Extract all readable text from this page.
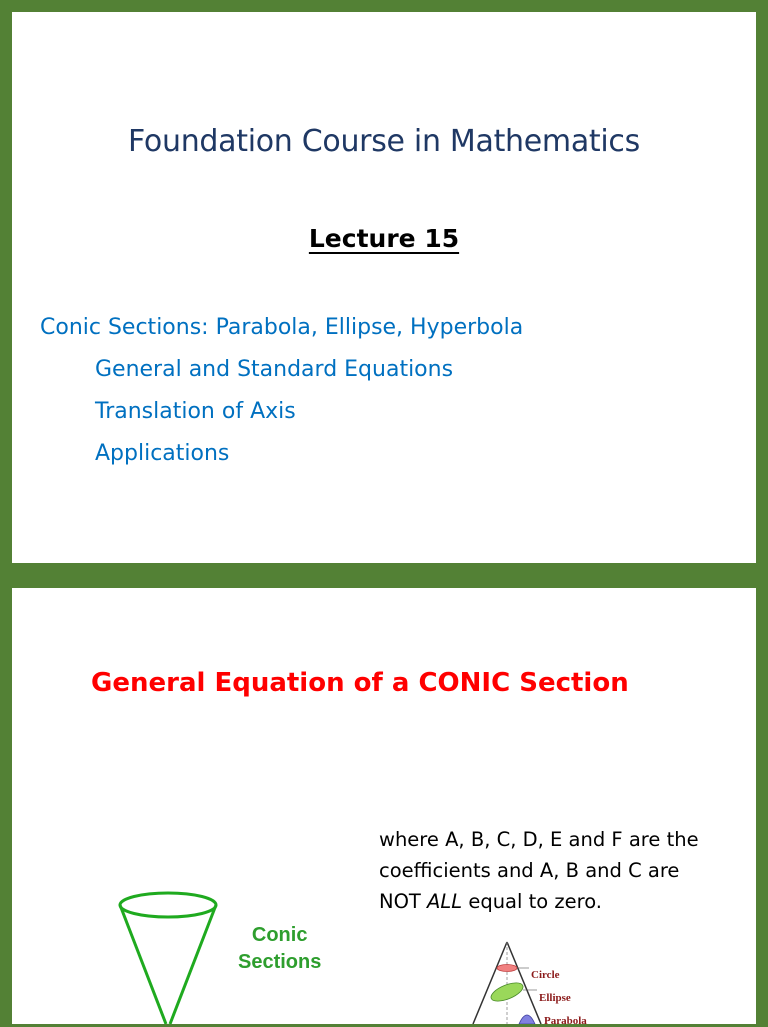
Foundation Course in Mathematics
Lecture 15
Conic Sections: Parabola, Ellipse, Hyperbola
General and Standard Equations
Translation of Axis
Applications
General Equation of a CONIC Section
where A, B, C, D, E and F are the
coefficients and A, B and C are
NOT ALL equal to zero.
Conic
Sections
Circle
Ellipse
Parabola
